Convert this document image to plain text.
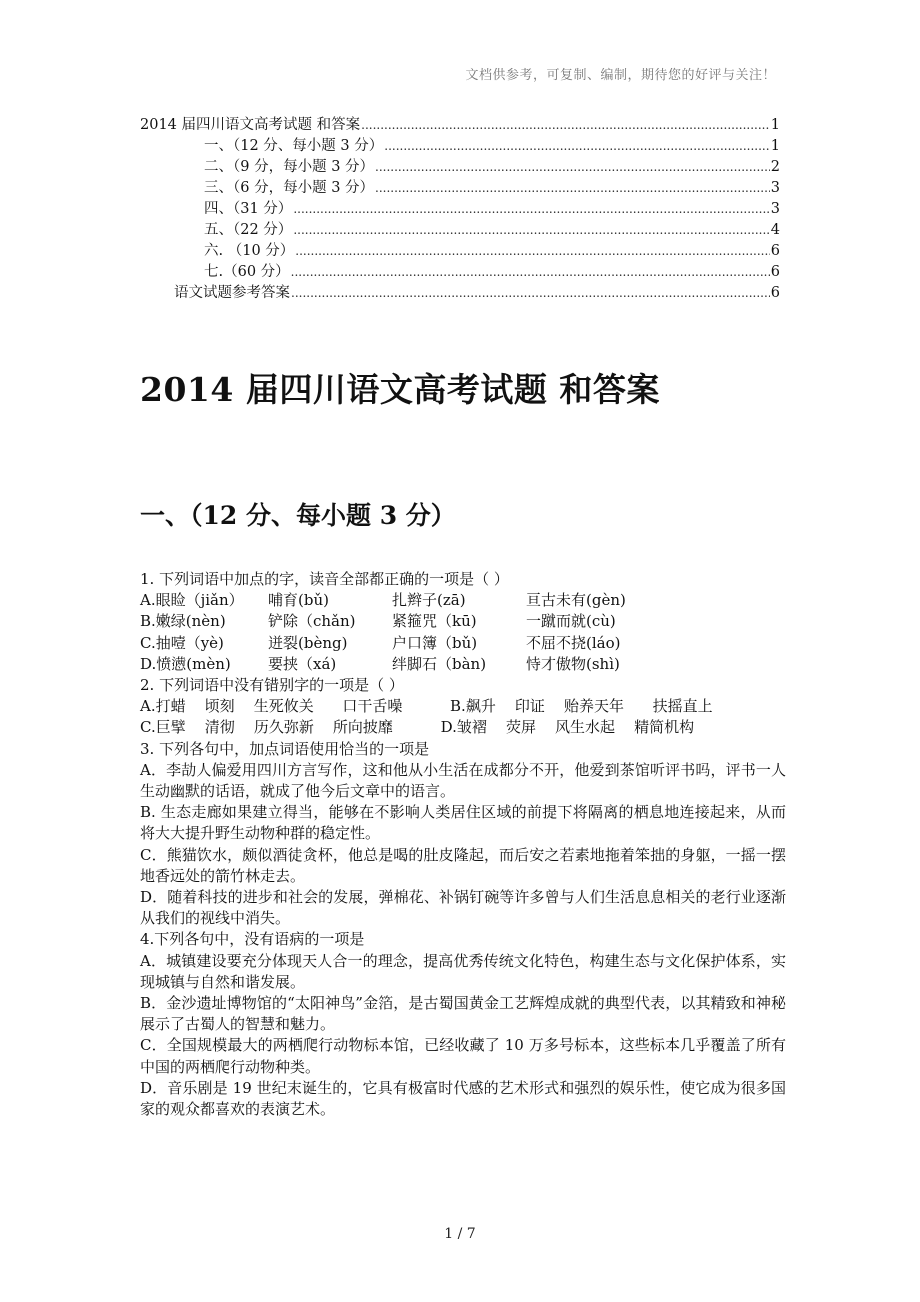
文档供参考，可复制、编制，期待您的好评与关注！
2014 届四川语文高考试题 和答案 .....	1
一、（12 分、每小题 3 分） .....	1
二、（9 分，每小题 3 分） .....	2
三、（6 分，每小题 3 分） .....	3
四、（31 分） .....	3
五、（22 分） .....	4
六. （10 分） .....	6
七.（60 分） .....	6
语文试题参考答案 .....	6
2014 届四川语文高考试题 和答案
一、（12 分、每小题 3 分）
1. 下列词语中加点的字，读音全部都正确的一项是（ ）
A.眼睑（jiǎn）	哺育(bǔ)	扎辫子(zā)	亘古未有(gèn)
B.嫩绿(nèn)	铲除（chǎn)	紧箍咒（kū)	一蹴而就(cù)
C.抽噎（yè)	迸裂(bèng)	户口簿（bǔ)	不屈不挠(láo)
D.愤懑(mèn)	要挟（xá)	绊脚石（bàn)	恃才傲物(shì)
2. 下列词语中没有错别字的一项是（ ）
A.打蜡    顷刻    生死攸关      口干舌噪          B.飙升    印证    贻养天年      扶摇直上
C.巨擘    清彻    历久弥新    所向披靡          D.皱褶    荧屏    风生水起    精简机构
3. 下列各句中，加点词语使用恰当的一项是
A．李劼人偏爱用四川方言写作，这和他从小生活在成都分不开，他爱到茶馆听评书吗，评书一人生动幽默的话语，就成了他今后文章中的语言。
B. 生态走廊如果建立得当，能够在不影响人类居住区域的前提下将隔离的栖息地连接起来，从而将大大提升野生动物种群的稳定性。
C．熊猫饮水，颇似酒徒贪杯，他总是喝的肚皮隆起，而后安之若素地拖着笨拙的身躯，一摇一摆地香远处的箭竹林走去。
D．随着科技的进步和社会的发展，弹棉花、补锅钉碗等许多曾与人们生活息息相关的老行业逐渐从我们的视线中消失。
4.下列各句中，没有语病的一项是
A．城镇建设要充分体现天人合一的理念，提高优秀传统文化特色，构建生态与文化保护体系，实现城镇与自然和谐发展。
B．金沙遗址博物馆的“太阳神鸟”金箔，是古蜀国黄金工艺辉煌成就的典型代表，以其精致和神秘展示了古蜀人的智慧和魅力。
C．全国规模最大的两栖爬行动物标本馆，已经收藏了 10 万多号标本，这些标本几乎覆盖了所有中国的两栖爬行动物种类。
D．音乐剧是 19 世纪末诞生的，它具有极富时代感的艺术形式和强烈的娱乐性，使它成为很多国家的观众都喜欢的表演艺术。
1 / 7
